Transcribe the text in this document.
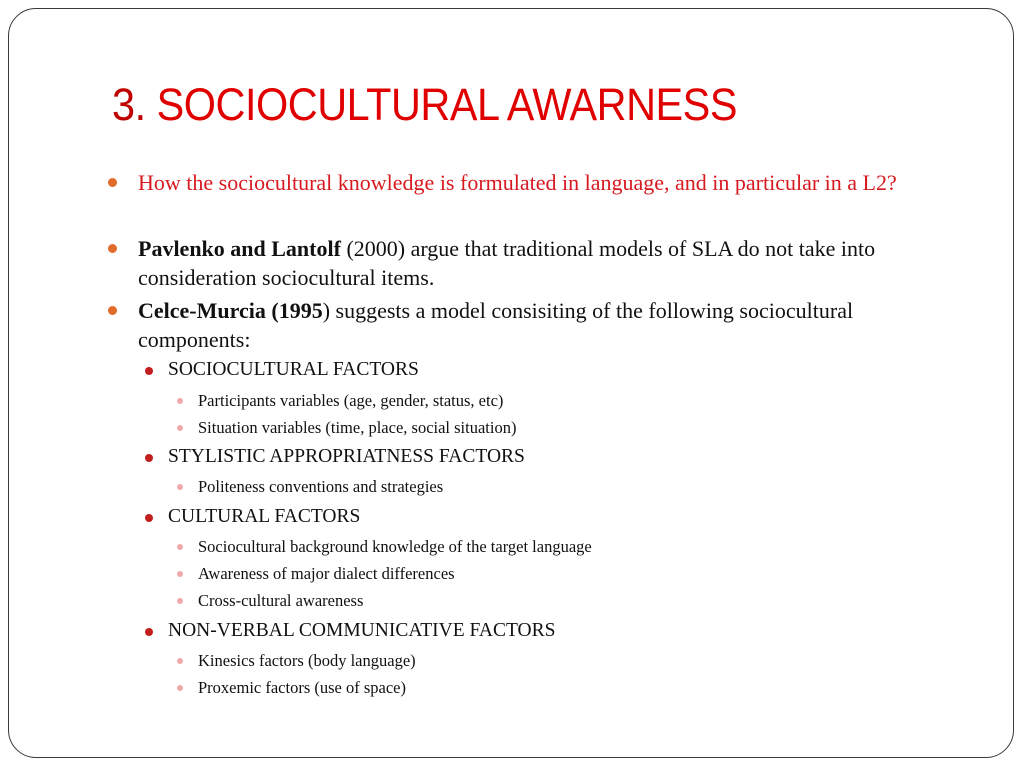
3. SOCIOCULTURAL AWARNESS
How the sociocultural knowledge is formulated in language, and in particular in a L2?
Pavlenko and Lantolf (2000) argue that traditional models of SLA do not take into consideration sociocultural items.
Celce-Murcia (1995) suggests a model consisiting of the following sociocultural components:
SOCIOCULTURAL FACTORS
Participants variables (age, gender, status, etc)
Situation variables (time, place, social situation)
STYLISTIC APPROPRIATNESS FACTORS
Politeness conventions and strategies
CULTURAL FACTORS
Sociocultural background knowledge of the target language
Awareness of major dialect differences
Cross-cultural awareness
NON-VERBAL COMMUNICATIVE FACTORS
Kinesics factors (body language)
Proxemic factors (use of space)
